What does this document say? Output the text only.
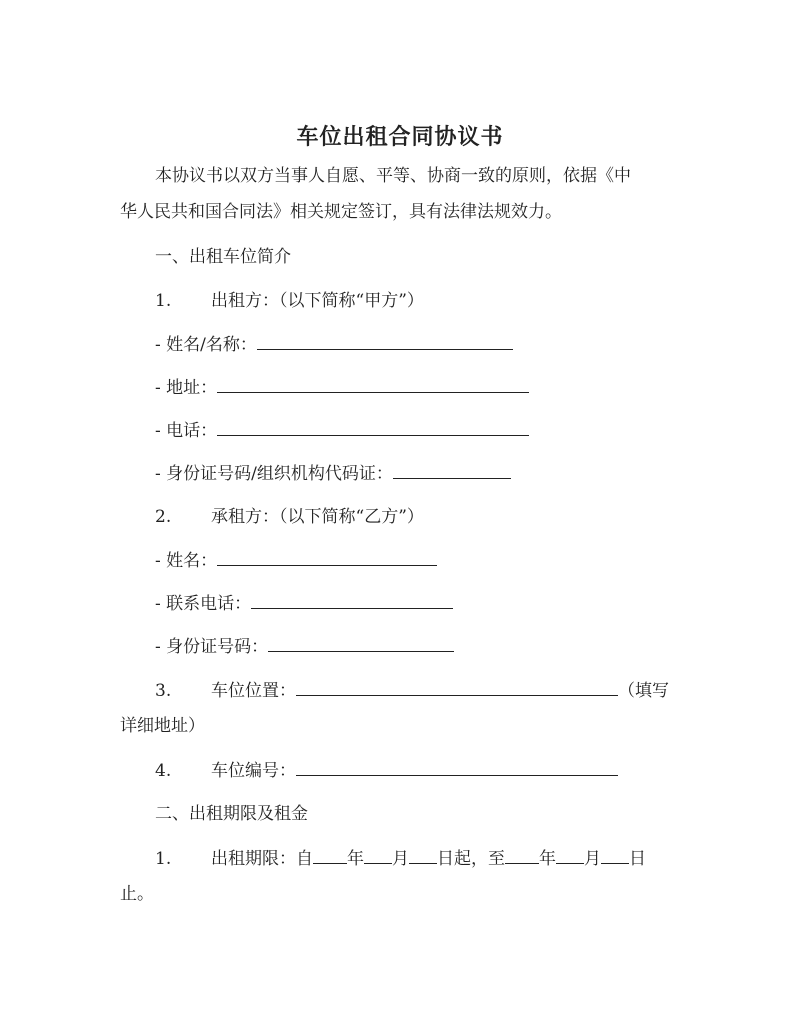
车位出租合同协议书
本协议书以双方当事人自愿、平等、协商一致的原则，依据《中
华人民共和国合同法》相关规定签订，具有法律法规效力。
一、出租车位简介
1. 出租方：（以下简称“甲方”）
- 姓名/名称：
- 地址：
- 电话：
- 身份证号码/组织机构代码证：
2. 承租方：（以下简称“乙方”）
- 姓名：
- 联系电话：
- 身份证号码：
3. 车位位置：	（填写
详细地址）
4. 车位编号：
二、出租期限及租金
1. 出租期限：自 年 月 日起，至 年 月 日
止。
